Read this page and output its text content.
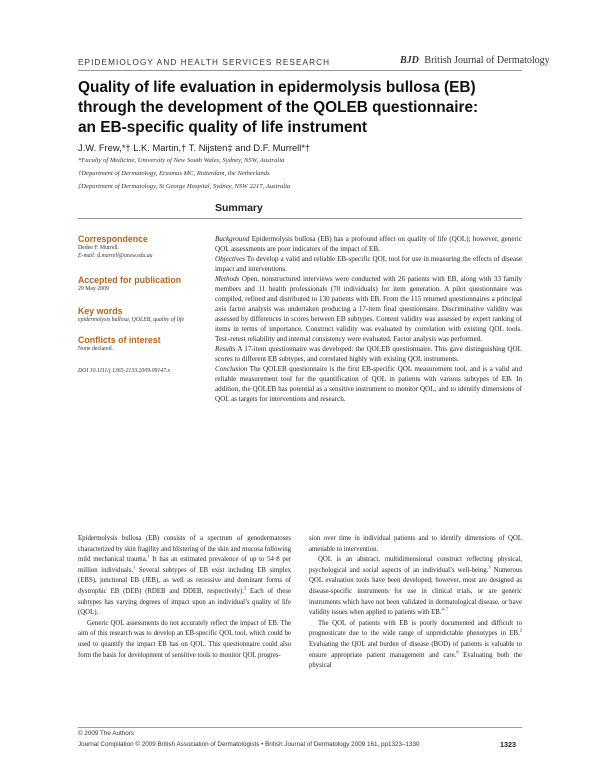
EPIDEMIOLOGY AND HEALTH SERVICES RESEARCH	BJD British Journal of Dermatology
Quality of life evaluation in epidermolysis bullosa (EB)
through the development of the QOLEB questionnaire:
an EB-specific quality of life instrument
J.W. Frew,*† L.K. Martin,† T. Nijsten‡ and D.F. Murrell*†
*Faculty of Medicine, University of New South Wales, Sydney, NSW, Australia
†Department of Dermatology, Erasmus MC, Rotterdam, the Netherlands
‡Department of Dermatology, St George Hospital, Sydney, NSW 2217, Australia
Summary
Correspondence
Dedee F. Murrell.
E-mail: d.murrell@unsw.edu.au
Accepted for publication
29 May 2009
Key words
epidermolysis bullosa, QOLEB, quality of life
Conflicts of interest
None declared.
DOI 10.1111/j.1365-2133.2009.09147.x

Background Epidermolysis bullosa (EB) has a profound effect on quality of life (QOL); however, generic QOL assessments are poor indicators of the impact of EB.

Objectives To develop a valid and reliable EB-specific QOL tool for use in measuring the effects of disease impact and interventions.

Methods Open, nonstructured interviews were conducted with 26 patients with EB, along with 33 family members and 11 health professionals (70 individuals) for item generation. A pilot questionnaire was compiled, refined and distributed to 130 patients with EB. From the 115 returned questionnaires a principal axis factor analysis was undertaken producing a 17-item final questionnaire. Discriminative validity was assessed by differences in scores between EB subtypes. Content validity was assessed by expert ranking of items in terms of importance. Construct validity was evaluated by correlation with existing QOL tools. Test–retest reliability and internal consistency were evaluated. Factor analysis was performed.

Results A 17-item questionnaire was developed: the QOLEB questionnaire. This gave distinguishing QOL scores to different EB subtypes, and correlated highly with existing QOL instruments.

Conclusion The QOLEB questionnaire is the first EB-specific QOL measurement tool, and is a valid and reliable measurement tool for the quantification of QOL in patients with various subtypes of EB. In addition, the QOLEB has potential as a sensitive instrument to monitor QOL, and to identify dimensions of QOL as targets for interventions and research.

Epidermolysis bullosa (EB) consists of a spectrum of genodermatoses characterized by skin fragility and blistering of the skin and mucosa following mild mechanical trauma.$^1$ It has an estimated prevalence of up to 54·8 per million individuals.$^1$ Several subtypes of EB exist including EB simplex (EBS), junctional EB (JEB), as well as recessive and dominant forms of dystrophic EB (DEB) (RDEB and DDEB, respectively).$^2$ Each of these subtypes has varying degrees of impact upon an individual’s quality of life (QOL).

Generic QOL assessments do not accurately reflect the impact of EB. The aim of this research was to develop an EB-specific QOL tool, which could be used to quantify the impact EB has on QOL. This questionnaire could also form the basis for development of sensitive tools to monitor QOL progres-

sion over time in individual patients and to identify dimensions of QOL amenable to intervention.

QOL is an abstract, multidimensional construct reflecting physical, psychological and social aspects of an individual’s well-being.$^3$ Numerous QOL evaluation tools have been developed; however, most are designed as disease-specific instruments for use in clinical trials, or are generic instruments which have not been validated in dermatological disease, or have validity issues when applied to patients with EB.$^{4-7}$

The QOL of patients with EB is poorly documented and difficult to prognosticate due to the wide range of unpredictable phenotypes in EB.$^2$ Evaluating the QOL and burden of disease (BOD) of patients is valuable to ensure appropriate patient management and care.$^8$ Evaluating both the physical

© 2009 The Authors
Journal Compilation © 2009 British Association of Dermatologists • British Journal of Dermatology 2009 161, pp1323–1330	1323
